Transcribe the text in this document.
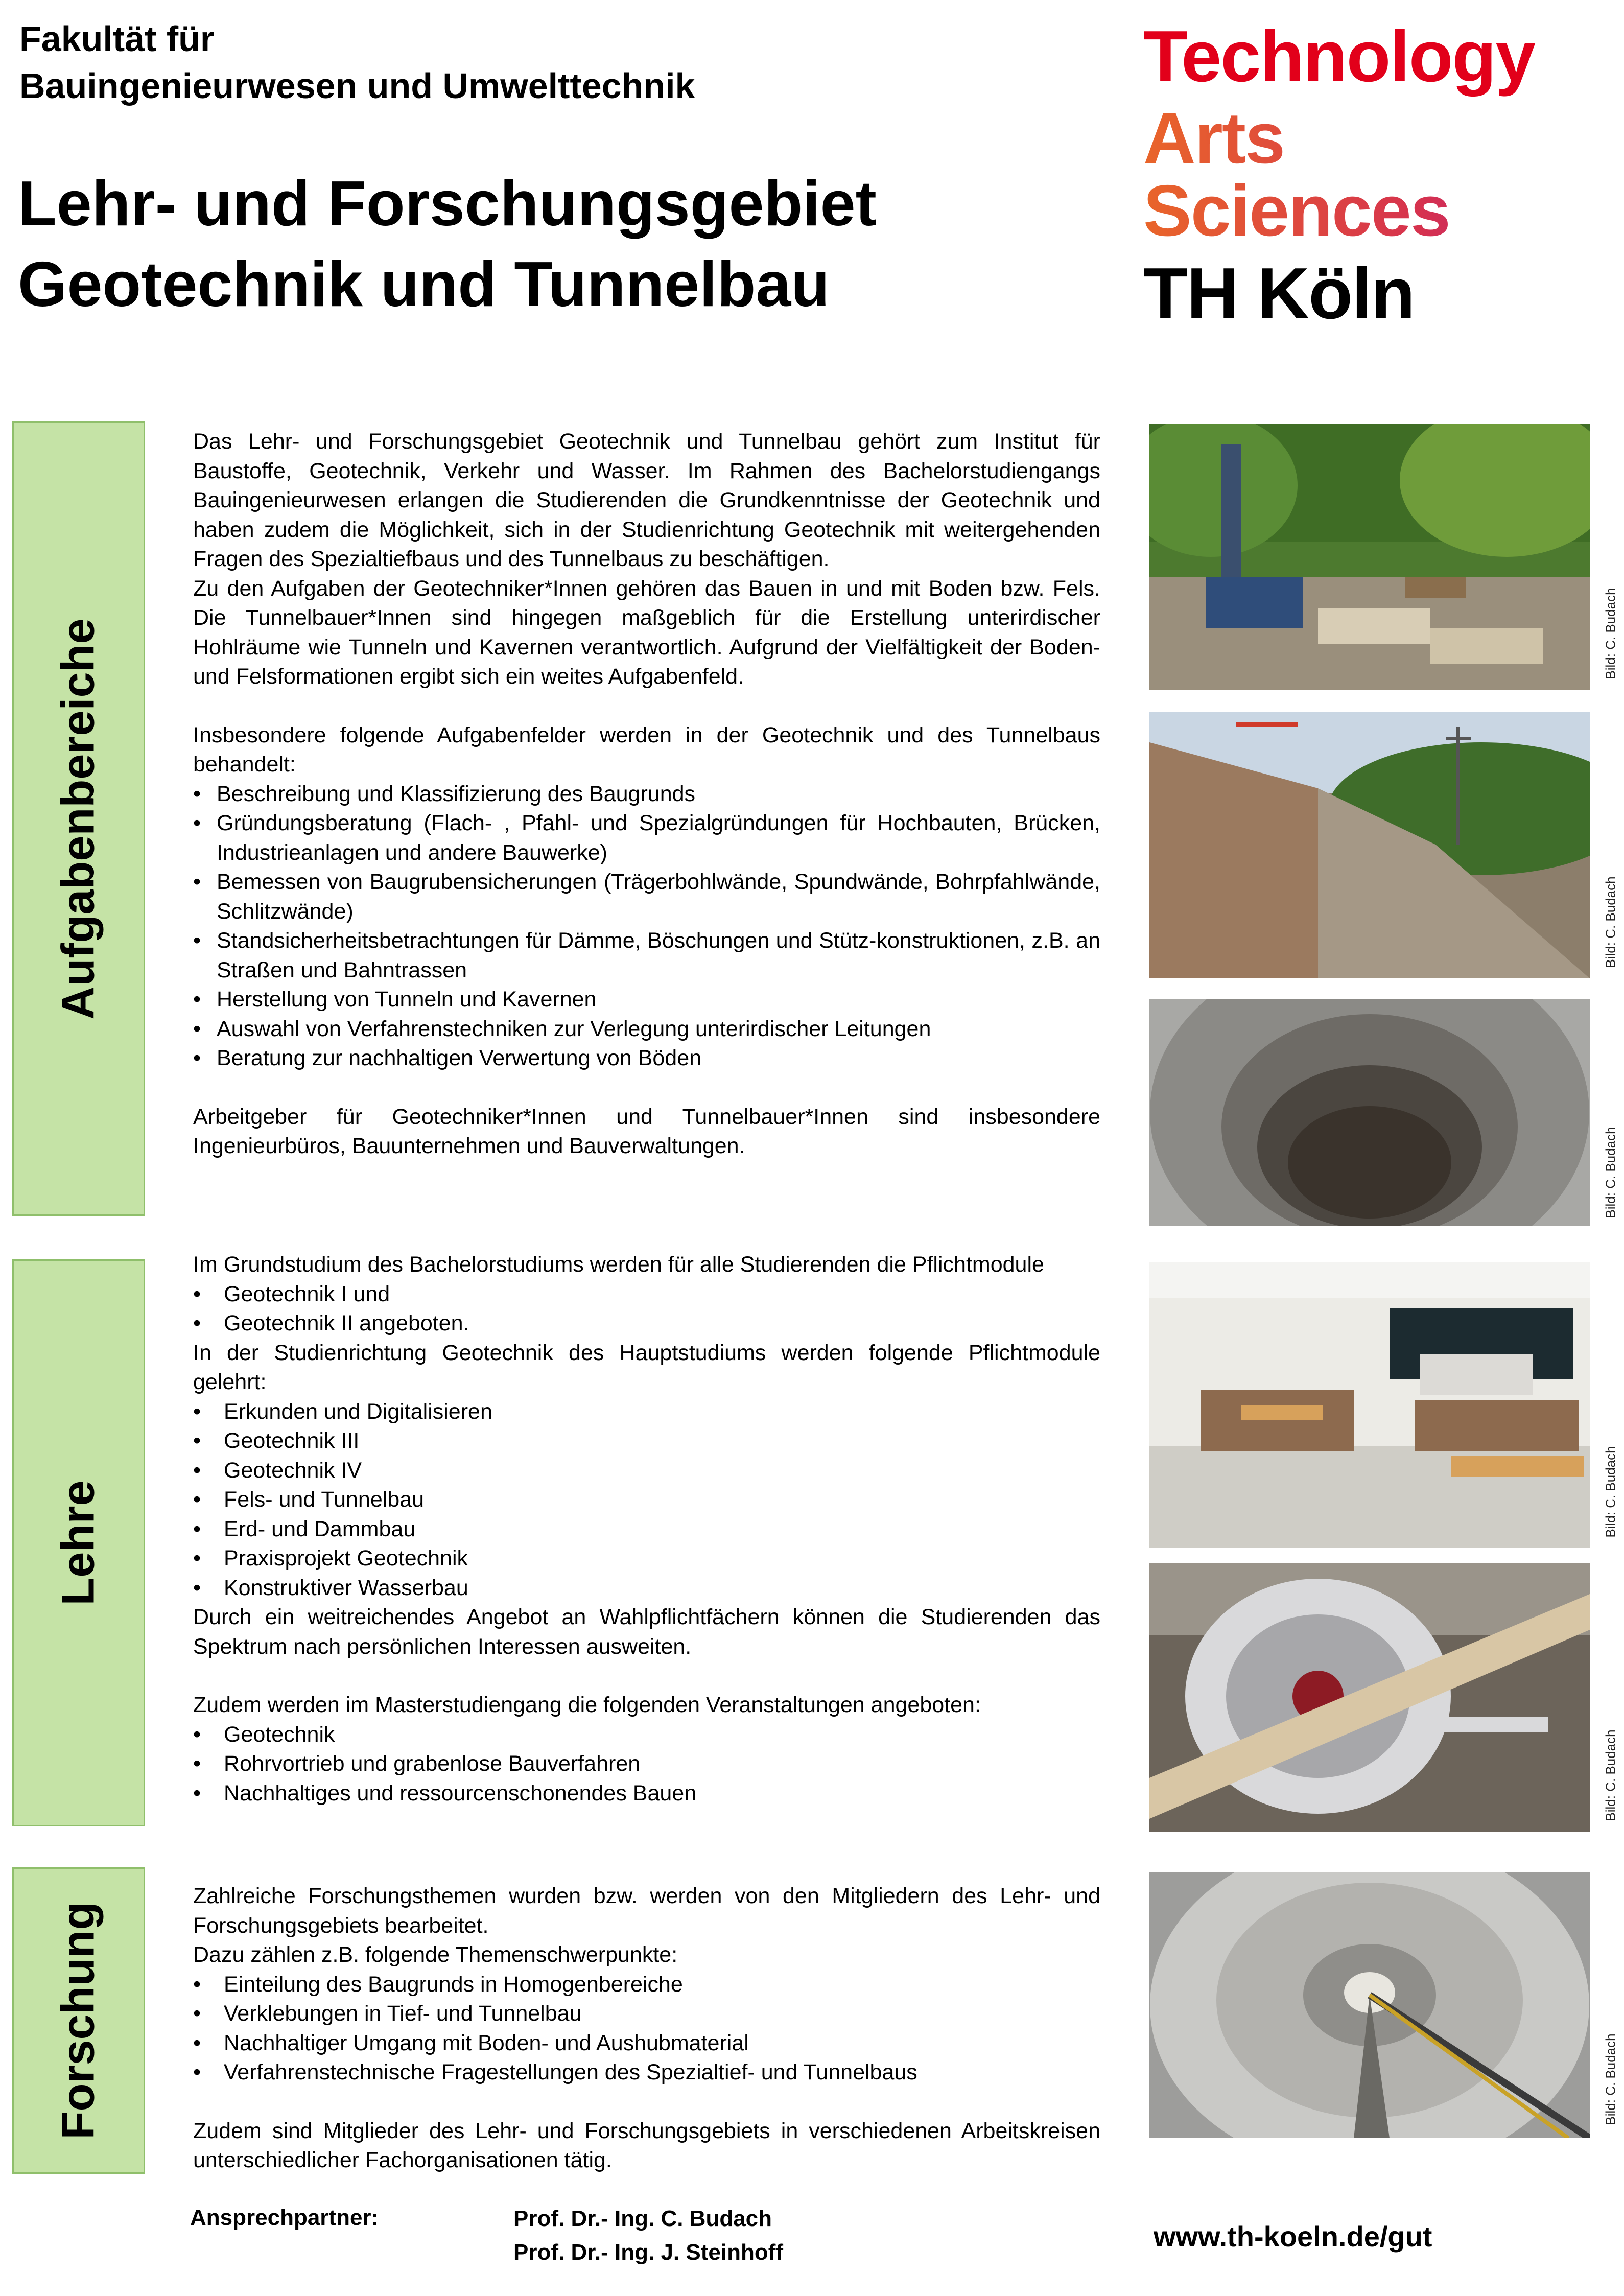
Fakultät für
Bauingenieurwesen und Umwelttechnik
Lehr- und Forschungsgebiet
Geotechnik und Tunnelbau
Technology
Arts Sciences
TH Köln
Aufgabenbereiche
Lehre
Forschung

Das Lehr- und Forschungsgebiet Geotechnik und Tunnelbau gehört zum Institut für Baustoffe, Geotechnik, Verkehr und Wasser. Im Rahmen des Bachelorstudiengangs Bauingenieurwesen erlangen die Studierenden die Grundkenntnisse der Geotechnik und haben zudem die Möglichkeit, sich in der Studienrichtung Geotechnik mit weitergehenden Fragen des Spezialtiefbaus und des Tunnelbaus zu beschäftigen.

Zu den Aufgaben der Geotechniker*Innen gehören das Bauen in und mit Boden bzw. Fels. Die Tunnelbauer*Innen sind hingegen maßgeblich für die Erstellung unterirdischer Hohlräume wie Tunneln und Kavernen verantwortlich. Aufgrund der Vielfältigkeit der Boden- und Felsformationen ergibt sich ein weites Aufgabenfeld.

Insbesondere folgende Aufgabenfelder werden in der Geotechnik und des Tunnelbaus behandelt:

• Beschreibung und Klassifizierung des Baugrunds
• Gründungsberatung (Flach- , Pfahl- und Spezialgründungen für Hochbauten, Brücken, Industrieanlagen und andere Bauwerke)
• Bemessen von Baugrubensicherungen (Trägerbohlwände, Spundwände, Bohrpfahlwände, Schlitzwände)
• Standsicherheitsbetrachtungen für Dämme, Böschungen und Stütz-konstruktionen, z.B. an Straßen und Bahntrassen
• Herstellung von Tunneln und Kavernen
• Auswahl von Verfahrenstechniken zur Verlegung unterirdischer Leitungen
• Beratung zur nachhaltigen Verwertung von Böden

Arbeitgeber für Geotechniker*Innen und Tunnelbauer*Innen sind insbesondere Ingenieurbüros, Bauunternehmen und Bauverwaltungen.

Im Grundstudium des Bachelorstudiums werden für alle Studierenden die Pflichtmodule

• Geotechnik I und
• Geotechnik II angeboten.

In der Studienrichtung Geotechnik des Hauptstudiums werden folgende Pflichtmodule gelehrt:

• Erkunden und Digitalisieren
• Geotechnik III
• Geotechnik IV
• Fels- und Tunnelbau
• Erd- und Dammbau
• Praxisprojekt Geotechnik
• Konstruktiver Wasserbau

Durch ein weitreichendes Angebot an Wahlpflichtfächern können die Studierenden das Spektrum nach persönlichen Interessen ausweiten.

Zudem werden im Masterstudiengang die folgenden Veranstaltungen angeboten:

• Geotechnik
• Rohrvortrieb und grabenlose Bauverfahren
• Nachhaltiges und ressourcenschonendes Bauen

Zahlreiche Forschungsthemen wurden bzw. werden von den Mitgliedern des Lehr- und Forschungsgebiets bearbeitet.

Dazu zählen z.B. folgende Themenschwerpunkte:

• Einteilung des Baugrunds in Homogenbereiche
• Verklebungen in Tief- und Tunnelbau
• Nachhaltiger Umgang mit Boden- und Aushubmaterial
• Verfahrenstechnische Fragestellungen des Spezialtief- und Tunnelbaus

Zudem sind Mitglieder des Lehr- und Forschungsgebiets in verschiedenen Arbeitskreisen unterschiedlicher Fachorganisationen tätig.

Bild: C. Budach
Bild: C. Budach
Bild: C. Budach
Bild: C. Budach
Bild: C. Budach
Bild: C. Budach
Ansprechpartner:	Prof. Dr.- Ing. C. Budach
Prof. Dr.- Ing. J. Steinhoff	www.th-koeln.de/gut
